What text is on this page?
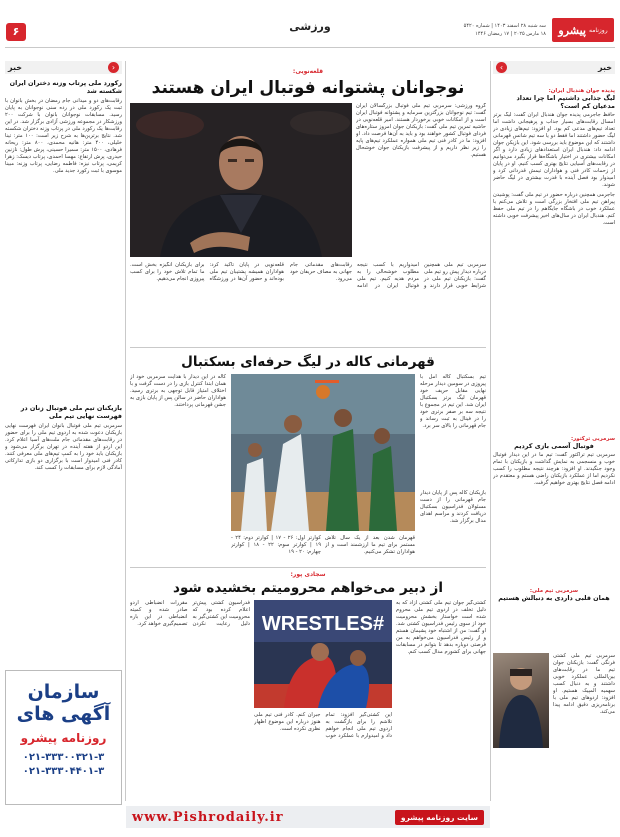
۶	ورزشی	روزنامه
پیشرو
سه شنبه ۲۸ اسفند ۱۴۰۳ | شماره ۵۴۲۰
۱۸ مارس ۲۰۲۵ | ۱۷ رمضان ۱۴۴۶
‹
خبر
رکورد ملی پرتاب وزنه دختران ایران شکسته شد
رقابت‌های دو و میدانی جام رمضان در بخش بانوان با ثبت یک رکورد ملی در رده سنی نوجوانان به پایان رسید. مسابقات نوجوانان بانوان با شرکت ۲۰۰ ورزشکار در مجموعه ورزشی آزادی برگزار شد. در این رقابت‌ها یک رکورد ملی در پرتاب وزنه دختران شکسته شد. نتایج برترین‌ها به شرح زیر است: ۱۰۰ متر: تینا خلیلی، ۴۰۰ متر: هانیه محمدی، ۸۰۰ متر: ریحانه فرهادی، ۱۵۰۰ متر: سمیرا حسینی، پرش طول: نازنین حیدری، پرش ارتفاع: مهسا احمدی، پرتاب دیسک: زهرا کریمی، پرتاب نیزه: فاطمه رضایی، پرتاب وزنه: مبینا موسوی با ثبت رکورد جدید ملی.
بازیکنان تیم ملی فوتبال زنان در فهرست نهایی تیم ملی
سرمربی تیم ملی فوتبال بانوان ایران فهرست نهایی بازیکنان دعوت شده به اردوی تیم ملی را برای حضور در رقابت‌های مقدماتی جام ملت‌های آسیا اعلام کرد. این اردو از هفته آینده در تهران برگزار می‌شود و بازیکنان باید خود را به کمپ تیم‌های ملی معرفی کنند. کادر فنی امیدوار است با برگزاری دو بازی تدارکاتی آمادگی لازم برای مسابقات را کسب کند.
سازمان
آگهی های
روزنامه پیشرو
۰۲۱-۳۳۳۰۰۳۲۱-۳
۰۲۱-۳۳۳۰۴۴۰۱-۳
خبر
›
پدیده جوان هندبال ایران:
لیگ جذابی داشتیم اما چرا تعداد مدعیان کم است؟

حافظ جاجرمی پدیده جوان هندبال ایران گفت: لیگ برتر امسال رقابت‌های بسیار جذاب و پرهیجانی داشت اما تعداد تیم‌های مدعی کم بود. او افزود: تیم‌های زیادی در لیگ حضور داشتند اما فقط دو یا سه تیم شانس قهرمانی داشتند که این موضوع باید بررسی شود. این بازیکن جوان ادامه داد: هندبال ایران استعدادهای زیادی دارد و اگر امکانات بیشتری در اختیار باشگاه‌ها قرار بگیرد می‌توانیم در رقابت‌های آسیایی نتایج بهتری کسب کنیم. او در پایان از زحمات کادر فنی و هواداران تیمش قدردانی کرد و امیدوار بود فصل آینده با قدرت بیشتری در لیگ حاضر شوند.

جاجرمی همچنین درباره حضور در تیم ملی گفت: پوشیدن پیراهن تیم ملی افتخار بزرگی است و تلاش می‌کنم با عملکرد خوب در باشگاه جایگاهم را در تیم ملی حفظ کنم. هندبال ایران در سال‌های اخیر پیشرفت خوبی داشته است.

سرمربی ترکتور:
فوتبال آسمی بازی کردیم
سرمربی تیم تراکتور گفت: تیم ما در این دیدار فوتبال خوب و منسجمی به نمایش گذاشت و بازیکنان با تمام وجود جنگیدند. او افزود: هرچند نتیجه مطلوب را کسب نکردیم اما از عملکرد بازیکنان راضی هستم و معتقدم در ادامه فصل نتایج بهتری خواهیم گرفت.
سرمربی تیم ملی:
همان قلبی داردی به دنبالش هستیم
سرمربی تیم ملی کشتی فرنگی گفت: بازیکنان جوان تیم ما در رقابت‌های بین‌المللی عملکرد خوبی داشتند و به دنبال کسب سهمیه المپیک هستیم. او افزود: اردوهای تیم ملی با برنامه‌ریزی دقیق ادامه پیدا می‌کند.
قلعه‌نویی:
نوجوانان پشتوانه فوتبال ایران هستند
گروه ورزشی: سرمربی تیم ملی فوتبال بزرگسالان ایران گفت: تیم نوجوانان بزرگترین سرمایه و پشتوانه فوتبال ایران است و از امکانات خوبی برخوردار هستند. امیر قلعه‌نویی در حاشیه تمرین تیم ملی گفت: بازیکنان جوان امروز ستاره‌های فردای فوتبال کشور خواهند بود و باید به آن‌ها فرصت داد. او افزود: ما در کادر فنی تیم ملی همواره عملکرد تیم‌های پایه را زیر نظر داریم و از پیشرفت بازیکنان جوان خوشحال هستیم.
سرمربی تیم ملی همچنین درباره دیدار پیش رو تیم ملی گفت: بازیکنان تیم ملی در شرایط خوبی قرار دارند و امیدواریم با کسب نتیجه مطلوب خوشحالی را به مردم هدیه کنیم. تیم ملی فوتبال ایران در ادامه رقابت‌های مقدماتی جام جهانی به مصاف حریفان خود می‌رود.
قلعه‌نویی در پایان تاکید کرد: هواداران همیشه پشتیبان تیم ملی بوده‌اند و حضور آن‌ها در ورزشگاه برای بازیکنان انگیزه بخش است. ما تمام تلاش خود را برای کسب پیروزی انجام می‌دهیم.
قهرمانی کاله در لیگ حرفه‌ای بسکتبال
تیم بسکتبال کاله آمل با پیروزی در سومین دیدار مرحله نهایی مقابل حریف خود قهرمان لیگ برتر بسکتبال ایران شد. این تیم در مجموع با نتیجه سه بر صفر برتری خود را در فینال به ثبت رساند و جام قهرمانی را بالای سر برد.
کاله در این دیدار با هدایت سرمربی خود از همان ابتدا کنترل بازی را در دست گرفت و با اختلاف امتیاز قابل توجهی به برتری رسید. هواداران حاضر در سالن پس از پایان بازی به جشن قهرمانی پرداختند.
بازیکنان کاله پس از پایان دیدار جام قهرمانی را از دست مسئولان فدراسیون بسکتبال دریافت کردند و مراسم اهدای مدال برگزار شد.
کوارتر اول: ۲۶ - ۱۷ | کوارتر دوم: ۲۴ - ۱۹ | کوارتر سوم: ۲۲ - ۱۸ | کوارتر چهارم: ۲۰ - ۱۹
قهرمان شدن بعد از یک سال تلاش مستمر برای تیم ما ارزشمند است و از هواداران تشکر می‌کنیم.
سجادی پور:
از دبیر می‌خواهم محرومیتم بخشیده شود
کشتی‌گیر جوان تیم ملی کشتی آزاد که به دلیل تخلف در اردوی تیم ملی محروم شده است خواستار بخشش محرومیت خود از سوی رئیس فدراسیون کشتی شد. او گفت: من از اشتباه خود پشیمان هستم و از رئیس فدراسیون می‌خواهم به من فرصتی دوباره بدهد تا بتوانم در مسابقات جهانی برای کشورم مدال کسب کنم.
#WRESTLES
این کشتی‌گیر افزود: تمام تلاشم را برای بازگشت به اردوی تیم ملی انجام خواهم داد و امیدوارم با عملکرد خوب جبران کنم. کادر فنی تیم ملی هنوز درباره این موضوع اظهار نظری نکرده است.
فدراسیون کشتی پیش‌تر اعلام کرده بود که محرومیت این کشتی‌گیر به دلیل رعایت نکردن مقررات انضباطی اردو صادر شده و کمیته انضباطی در این باره تصمیم‌گیری خواهد کرد.
www.Pishrodaily.ir	سایت روزنامه پیشرو
